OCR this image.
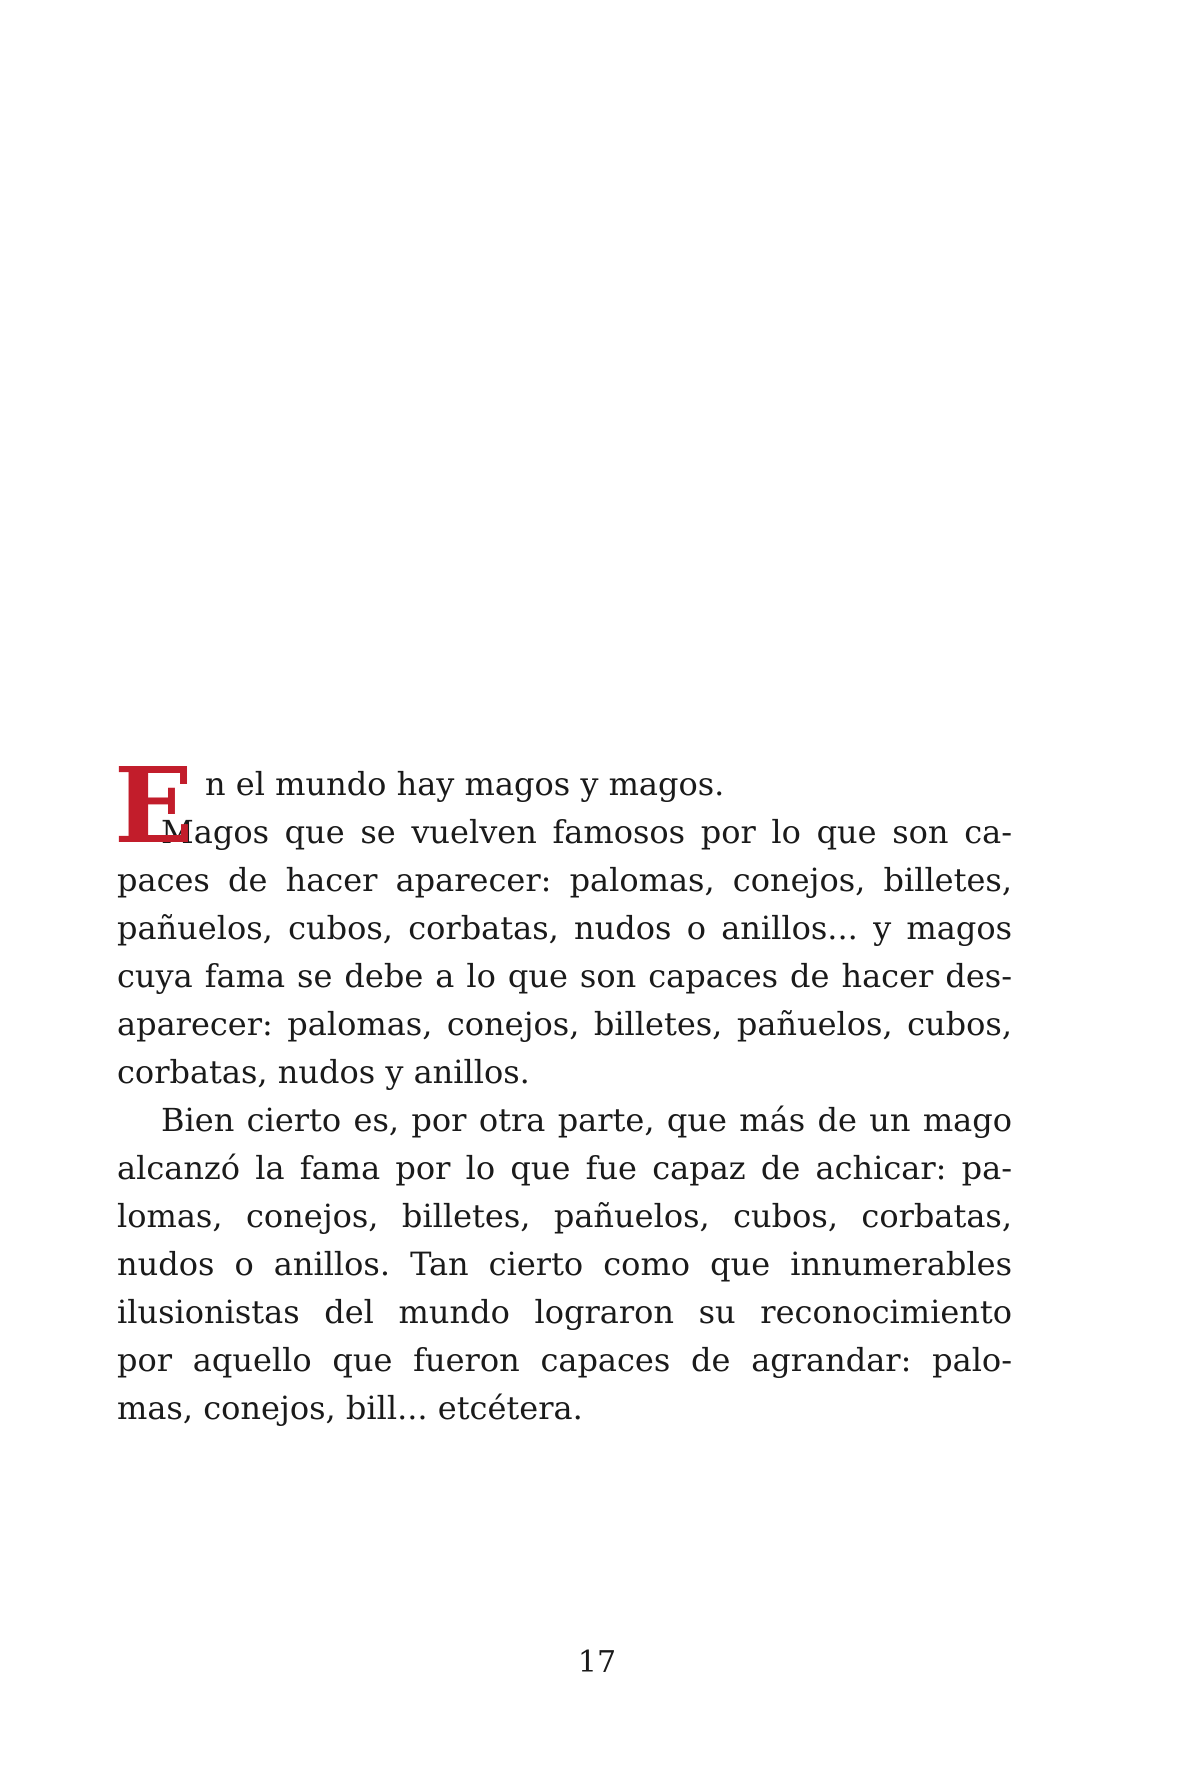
E n el mundo hay magos y magos.
Magos que se vuelven famosos por lo que son ca-
paces de hacer aparecer: palomas, conejos, billetes,
pañuelos, cubos, corbatas, nudos o anillos... y magos
cuya fama se debe a lo que son capaces de hacer des-
aparecer: palomas, conejos, billetes, pañuelos, cubos,
corbatas, nudos y anillos.
Bien cierto es, por otra parte, que más de un mago
alcanzó la fama por lo que fue capaz de achicar: pa-
lomas, conejos, billetes, pañuelos, cubos, corbatas,
nudos o anillos. Tan cierto como que innumerables
ilusionistas del mundo lograron su reconocimiento
por aquello que fueron capaces de agrandar: palo-
mas, conejos, bill... etcétera.
17
